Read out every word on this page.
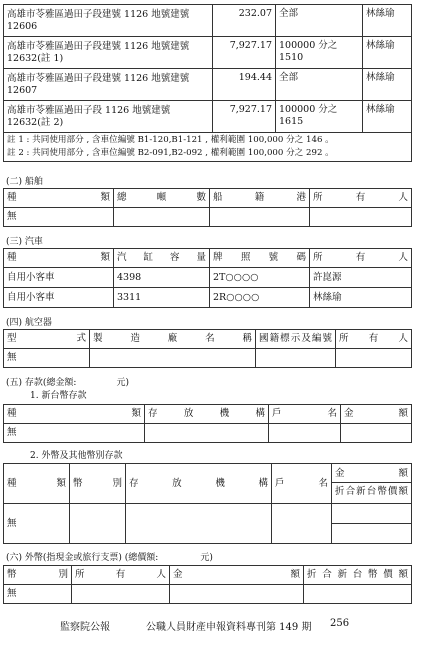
高雄市苓雅區過田子段建號 1126 地號建號 12606	232.07	全部	林絲瑜
高雄市苓雅區過田子段建號 1126 地號建號 12632(註 1)	7,927.17	100000 分之 1510	林絲瑜
高雄市苓雅區過田子段建號 1126 地號建號 12607	194.44	全部	林絲瑜
高雄市苓雅區過田子段 1126 地號建號 12632(註 2)	7,927.17	100000 分之 1615	林絲瑜

註 1 : 共同使用部分 , 含車位編號 B1-120,B1-121 , 權利範圍 100,000 分之 146 。
註 2 : 共同使用部分 , 含車位編號 B2-091,B2-092 , 權利範圍 100,000 分之 292 。			
(二) 船舶
種類	總噸數	船籍港	所有人
無			
(三) 汽車
種類	汽缸容量	牌照號碼	所有人
自用小客車	4398	2T○○○○	許崑源
自用小客車	3311	2R○○○○	林絲瑜
(四) 航空器
型式	製造廠名稱	國籍標示及編號	所有人
無			
(五) 存款(總金額:	元)
1. 新台幣存款
種類	存放機構	戶名	金額
無			
2. 外幣及其他幣別存款
種類	幣別	存放機構	戶名	金額
折合新台幣價額

無				
(六) 外幣(指現金或旅行支票) (總價額:	元)
幣別	所有人	金額	折合新台幣價額
無			
監察院公報	公職人員財產申報資料專刊第 149 期 256
